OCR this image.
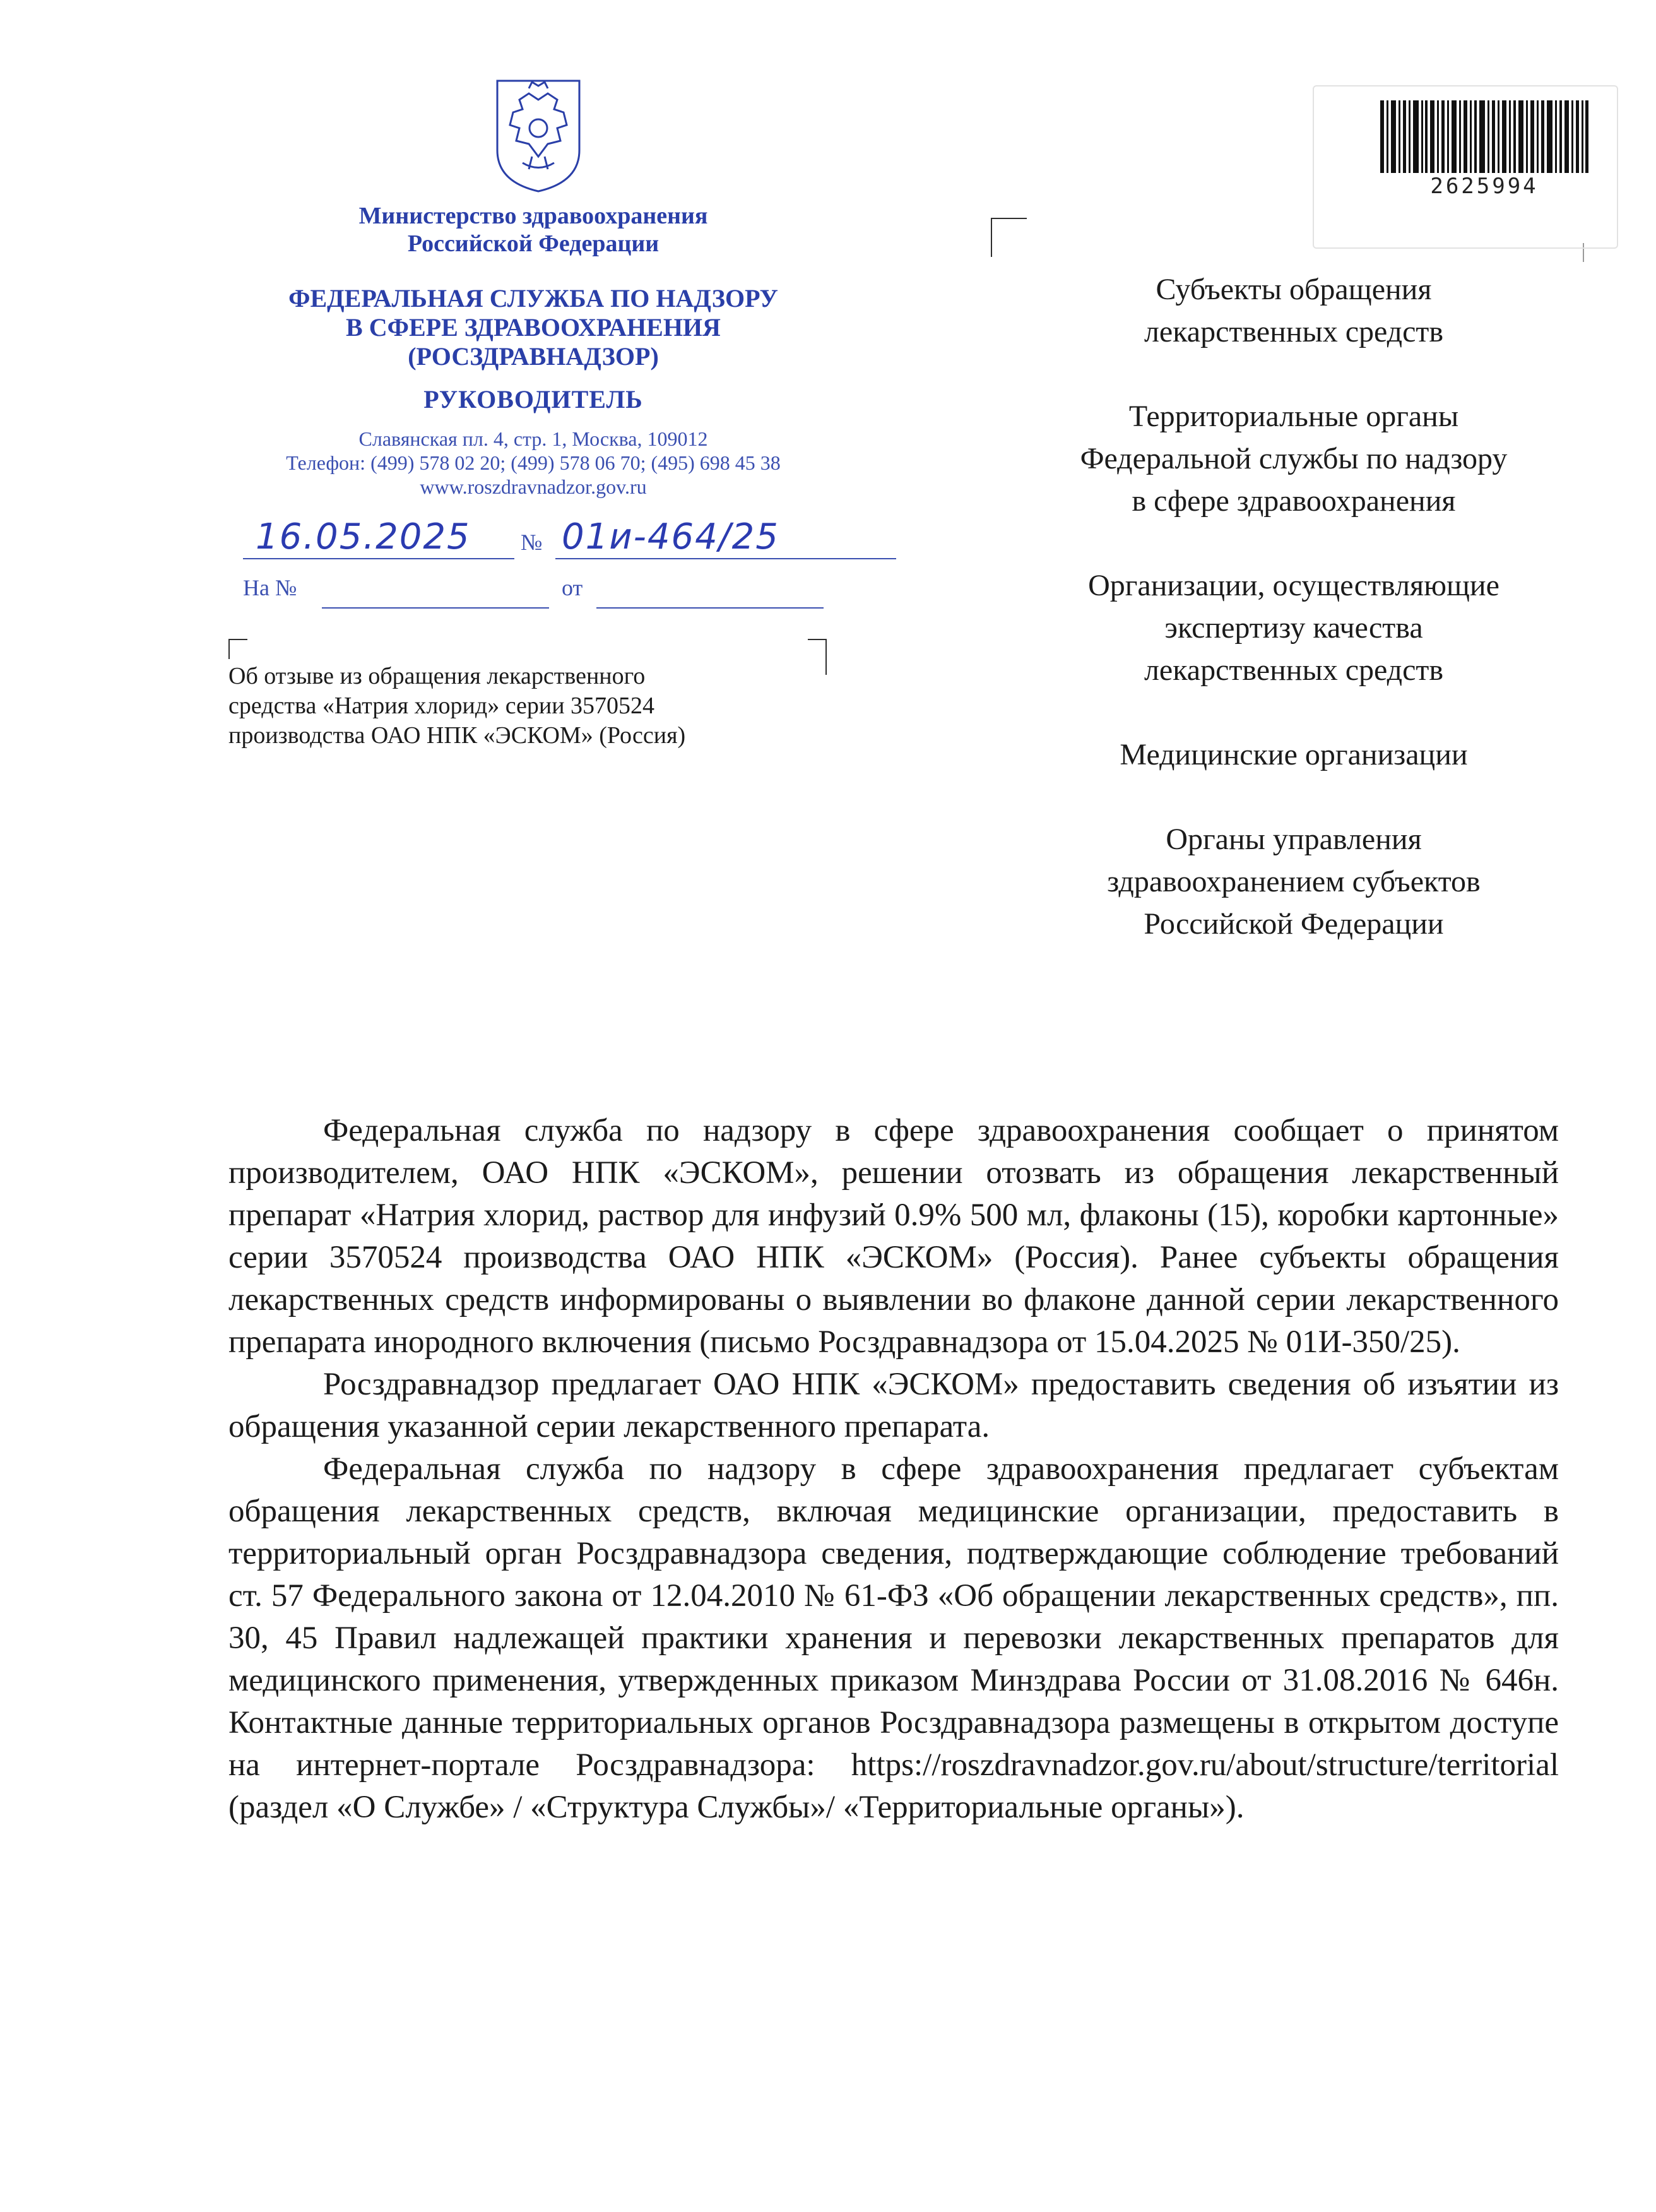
Министерство здравоохранения
Российской Федерации
ФЕДЕРАЛЬНАЯ СЛУЖБА ПО НАДЗОРУ
В СФЕРЕ ЗДРАВООХРАНЕНИЯ
(РОСЗДРАВНАДЗОР)
РУКОВОДИТЕЛЬ
Славянская пл. 4, стр. 1, Москва, 109012
Телефон: (499) 578 02 20; (499) 578 06 70; (495) 698 45 38
www.roszdravnadzor.gov.ru
16.05.2025	№ 01и-464/25
На №	от
Об отзыве из обращения лекарственного
средства «Натрия хлорид» серии 3570524
производства ОАО НПК «ЭСКОМ» (Россия)
2625994
Субъекты обращения
лекарственных средств
Территориальные органы
Федеральной службы по надзору
в сфере здравоохранения
Организации, осуществляющие
экспертизу качества
лекарственных средств
Медицинские организации
Органы управления
здравоохранением субъектов
Российской Федерации

Федеральная служба по надзору в сфере здравоохранения сообщает о принятом производителем, ОАО НПК «ЭСКОМ», решении отозвать из обращения лекарственный препарат «Натрия хлорид, раствор для инфузий 0.9% 500 мл, флаконы (15), коробки картонные» серии 3570524 производства ОАО НПК «ЭСКОМ» (Россия). Ранее субъекты обращения лекарственных средств информированы о выявлении во флаконе данной серии лекарственного препарата инородного включения (письмо Росздравнадзора от 15.04.2025 № 01И-350/25).

Росздравнадзор предлагает ОАО НПК «ЭСКОМ» предоставить сведения об изъятии из обращения указанной серии лекарственного препарата.

Федеральная служба по надзору в сфере здравоохранения предлагает субъектам обращения лекарственных средств, включая медицинские организации, предоставить в территориальный орган Росздравнадзора сведения, подтверждающие соблюдение требований ст. 57 Федерального закона от 12.04.2010 № 61-ФЗ «Об обращении лекарственных средств», пп. 30, 45 Правил надлежащей практики хранения и перевозки лекарственных препаратов для медицинского применения, утвержденных приказом Минздрава России от 31.08.2016 № 646н. Контактные данные территориальных органов Росздравнадзора размещены в открытом доступе на интернет-портале Росздравнадзора: https://roszdravnadzor.gov.ru/about/structure/territorial (раздел «О Службе» / «Структура Службы»/ «Территориальные органы»).
